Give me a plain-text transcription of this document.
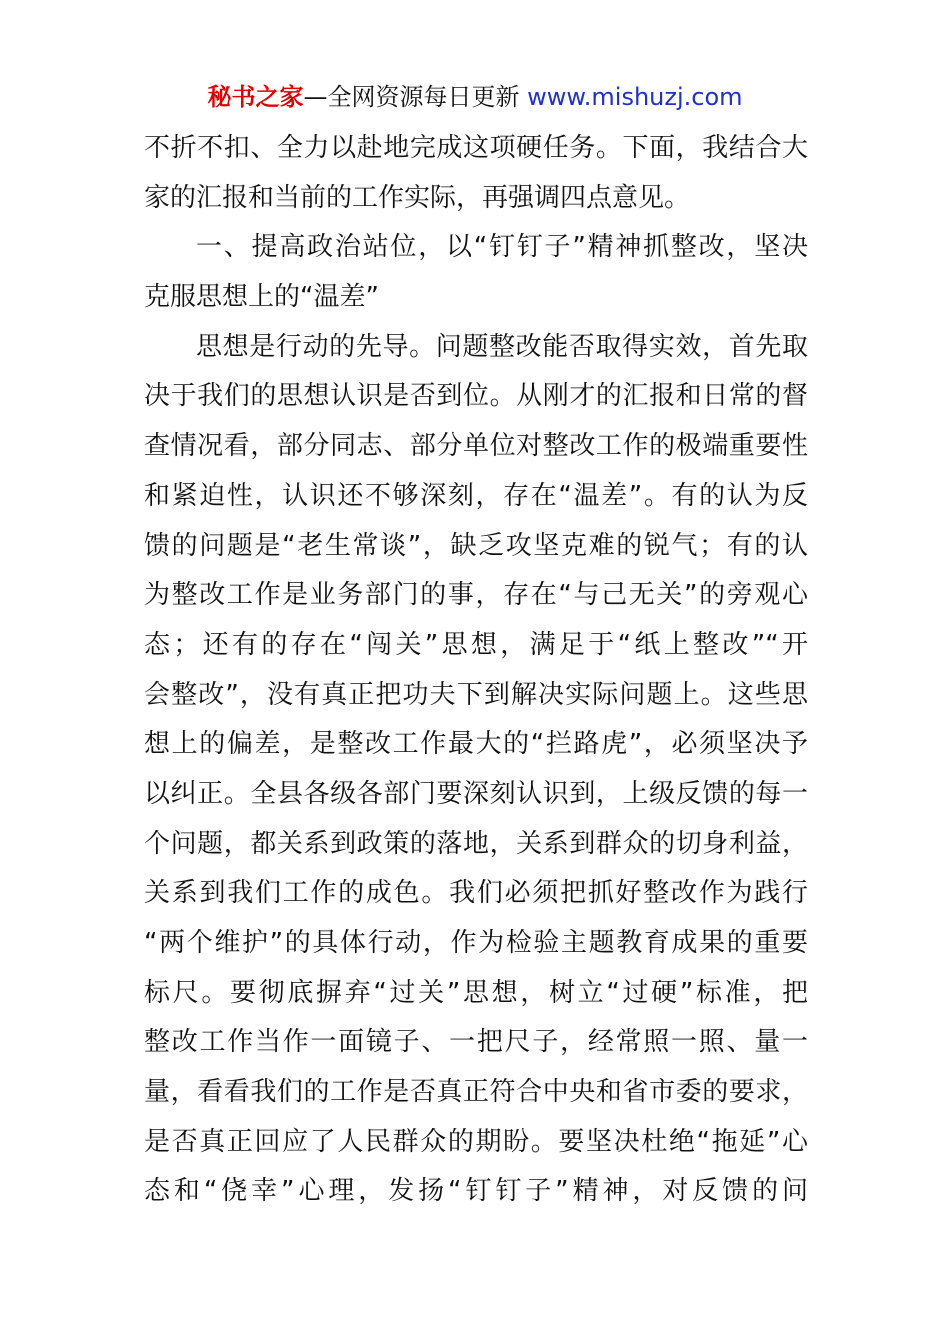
秘书之家—全网资源每日更新 www.mishuzj.com
不折不扣、全力以赴地完成这项硬任务。下面，我结合大
家的汇报和当前的工作实际，再强调四点意见。
一、提高政治站位，以“钉钉子”精神抓整改，坚决
克服思想上的“温差”
思想是行动的先导。问题整改能否取得实效，首先取
决于我们的思想认识是否到位。从刚才的汇报和日常的督
查情况看，部分同志、部分单位对整改工作的极端重要性
和紧迫性，认识还不够深刻，存在“温差”。有的认为反
馈的问题是“老生常谈”，缺乏攻坚克难的锐气；有的认
为整改工作是业务部门的事，存在“与己无关”的旁观心
态；还有的存在“闯关”思想，满足于“纸上整改”“开
会整改”，没有真正把功夫下到解决实际问题上。这些思
想上的偏差，是整改工作最大的“拦路虎”，必须坚决予
以纠正。全县各级各部门要深刻认识到，上级反馈的每一
个问题，都关系到政策的落地，关系到群众的切身利益，
关系到我们工作的成色。我们必须把抓好整改作为践行
“两个维护”的具体行动，作为检验主题教育成果的重要
标尺。要彻底摒弃“过关”思想，树立“过硬”标准，把
整改工作当作一面镜子、一把尺子，经常照一照、量一
量，看看我们的工作是否真正符合中央和省市委的要求，
是否真正回应了人民群众的期盼。要坚决杜绝“拖延”心
态和“侥幸”心理，发扬“钉钉子”精神，对反馈的问
